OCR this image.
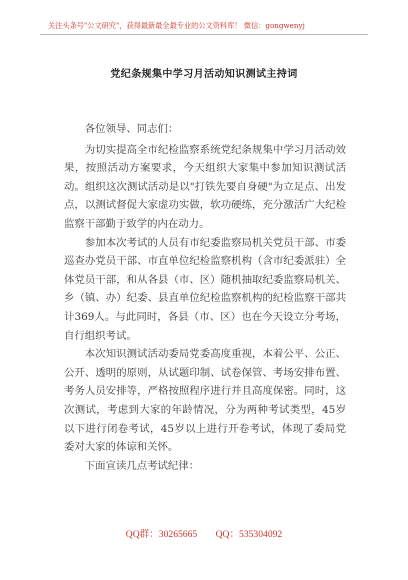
关注头条号"公文研究"，获得最新最全最专业的公文资料库！ 微信：gongwenyj
党纪条规集中学习月活动知识测试主持词

各位领导、同志们：

为切实提高全市纪检监察系统党纪条规集中学习月活动效果，按照活动方案要求，今天组织大家集中参加知识测试活动。组织这次测试活动是以"打铁先要自身硬"为立足点、出发点，以测试督促大家虚功实做，软功硬练，充分激活广大纪检监察干部勤于致学的内在动力。

参加本次考试的人员有市纪委监察局机关党员干部、市委巡查办党员干部、市直单位纪检监察机构（含市纪委派驻）全体党员干部，和从各县（市、区）随机抽取纪委监察局机关、乡（镇、办）纪委、县直单位纪检监察机构的纪检监察干部共计369人。与此同时，各县（市、区）也在今天设立分考场，自行组织考试。

本次知识测试活动委局党委高度重视，本着公平、公正、公开、透明的原则，从试题印制、试卷保管、考场安排布置、考务人员安排等，严格按照程序进行并且高度保密。同时，这次测试，考虑到大家的年龄情况，分为两种考试类型，45岁以下进行闭卷考试，45岁以上进行开卷考试，体现了委局党委对大家的体谅和关怀。

下面宣读几点考试纪律：

QQ群：30265665 QQ：535304092
